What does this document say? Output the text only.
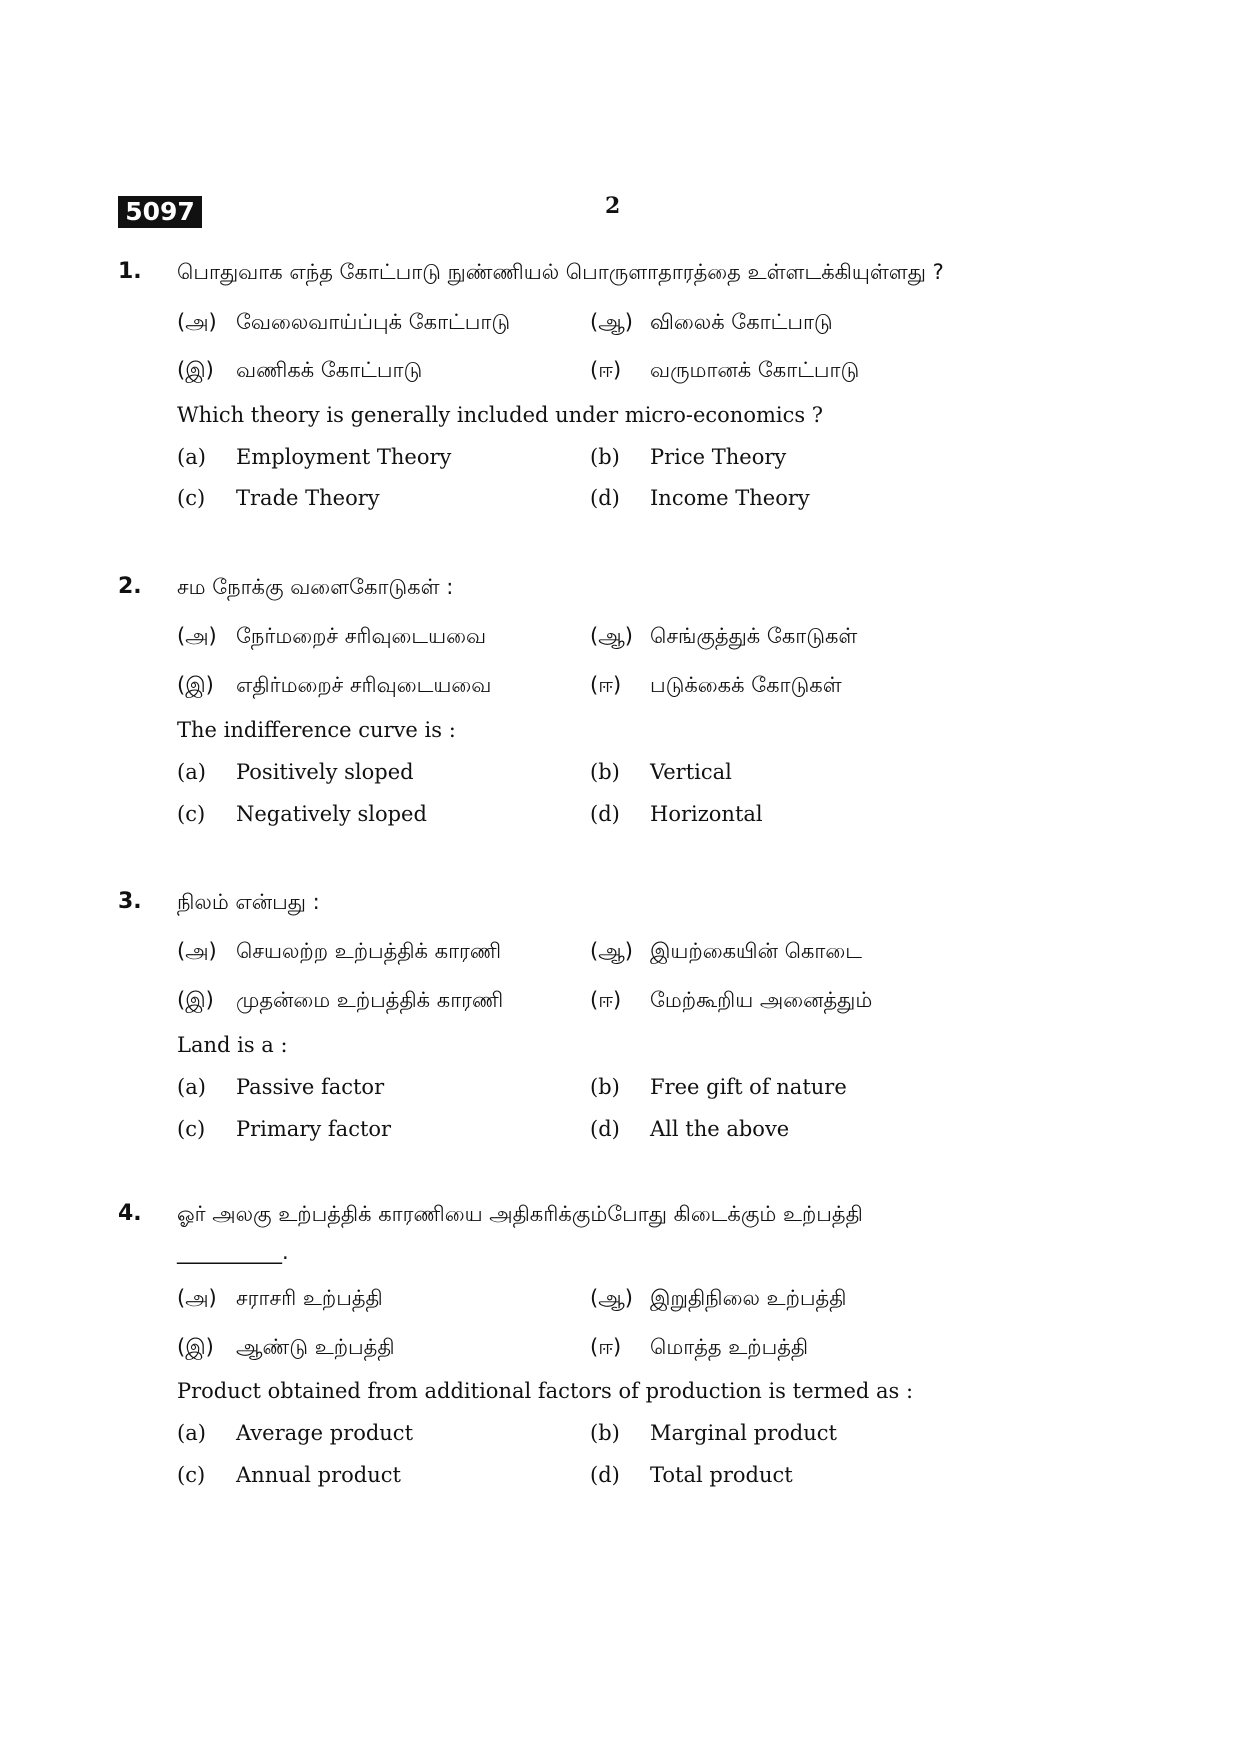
5097	2
1. பொதுவாக எந்த கோட்பாடு நுண்ணியல் பொருளாதாரத்தை உள்ளடக்கியுள்ளது ?
(அ) வேலைவாய்ப்புக் கோட்பாடு	(ஆ) விலைக் கோட்பாடு
(இ) வணிகக் கோட்பாடு	(ஈ) வருமானக் கோட்பாடு
Which theory is generally included under micro-economics ?
(a) Employment Theory	(b) Price Theory
(c) Trade Theory	(d) Income Theory
2. சம நோக்கு வளைகோடுகள் :
(அ) நேர்மறைச் சரிவுடையவை	(ஆ) செங்குத்துக் கோடுகள்
(இ) எதிர்மறைச் சரிவுடையவை	(ஈ) படுக்கைக் கோடுகள்
The indifference curve is :
(a) Positively sloped	(b) Vertical
(c) Negatively sloped	(d) Horizontal
3. நிலம் என்பது :
(அ) செயலற்ற உற்பத்திக் காரணி	(ஆ) இயற்கையின் கொடை
(இ) முதன்மை உற்பத்திக் காரணி	(ஈ) மேற்கூறிய அனைத்தும்
Land is a :
(a) Passive factor	(b) Free gift of nature
(c) Primary factor	(d) All the above
4. ஓர் அலகு உற்பத்திக் காரணியை அதிகரிக்கும்போது கிடைக்கும் உற்பத்தி
__________.
(அ) சராசரி உற்பத்தி	(ஆ) இறுதிநிலை உற்பத்தி
(இ) ஆண்டு உற்பத்தி	(ஈ) மொத்த உற்பத்தி
Product obtained from additional factors of production is termed as :
(a) Average product	(b) Marginal product
(c) Annual product	(d) Total product
